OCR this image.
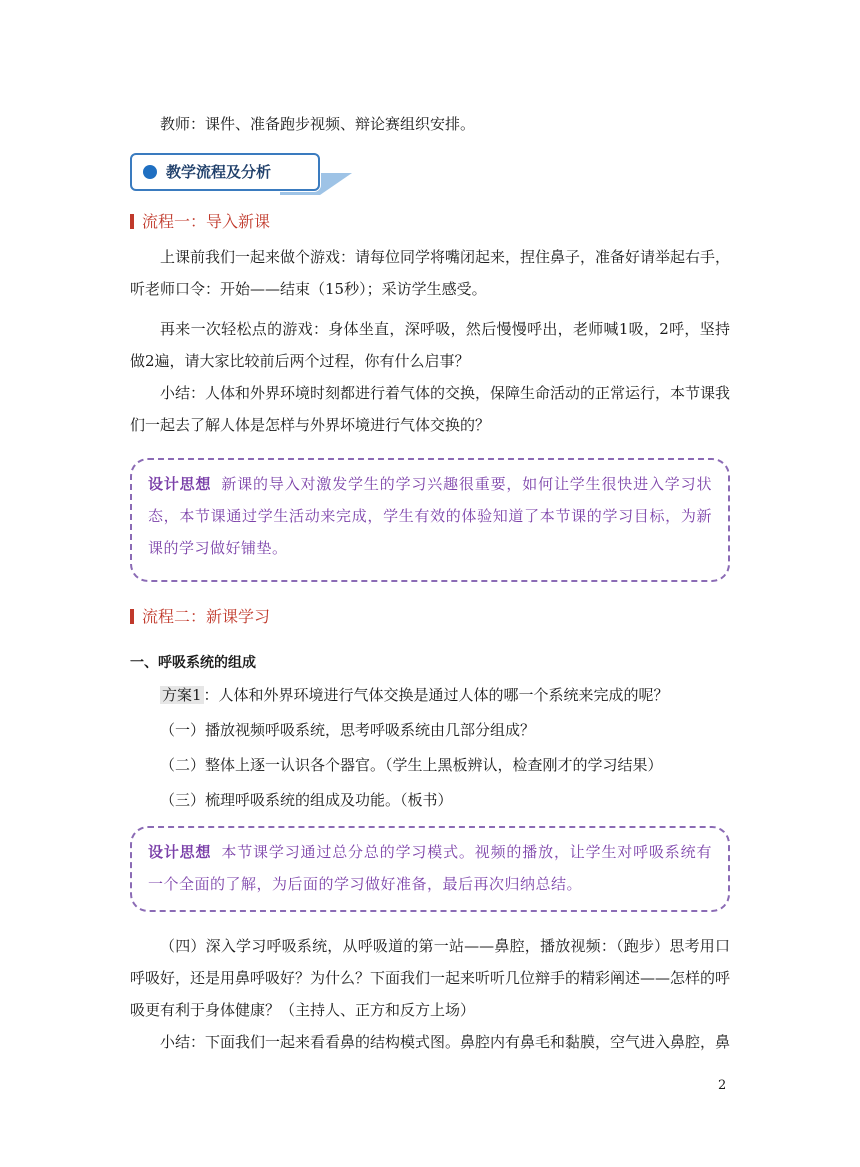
教师：课件、准备跑步视频、辩论赛组织安排。

教学流程及分析
流程一：导入新课

上课前我们一起来做个游戏：请每位同学将嘴闭起来，捏住鼻子，准备好请举起右手，听老师口令：开始——结束（15秒）；采访学生感受。

再来一次轻松点的游戏：身体坐直，深呼吸，然后慢慢呼出，老师喊1吸，2呼，坚持做2遍，请大家比较前后两个过程，你有什么启事？

小结：人体和外界环境时刻都进行着气体的交换，保障生命活动的正常运行，本节课我们一起去了解人体是怎样与外界坏境进行气体交换的？

设计思想 新课的导入对激发学生的学习兴趣很重要，如何让学生很快进入学习状态，本节课通过学生活动来完成，学生有效的体验知道了本节课的学习目标，为新课的学习做好铺垫。

流程二：新课学习
一、呼吸系统的组成

方案1 ：人体和外界环境进行气体交换是通过人体的哪一个系统来完成的呢？

（一）播放视频呼吸系统，思考呼吸系统由几部分组成？

（二）整体上逐一认识各个器官。（学生上黑板辨认，检查刚才的学习结果）

（三）梳理呼吸系统的组成及功能。（板书）

设计思想 本节课学习通过总分总的学习模式。视频的播放，让学生对呼吸系统有一个全面的了解，为后面的学习做好准备，最后再次归纳总结。

（四）深入学习呼吸系统，从呼吸道的第一站——鼻腔，播放视频：（跑步）思考用口呼吸好，还是用鼻呼吸好？为什么？下面我们一起来听听几位辩手的精彩阐述——怎样的呼吸更有利于身体健康？（主持人、正方和反方上场）

小结：下面我们一起来看看鼻的结构模式图。鼻腔内有鼻毛和黏膜，空气进入鼻腔，鼻

2
